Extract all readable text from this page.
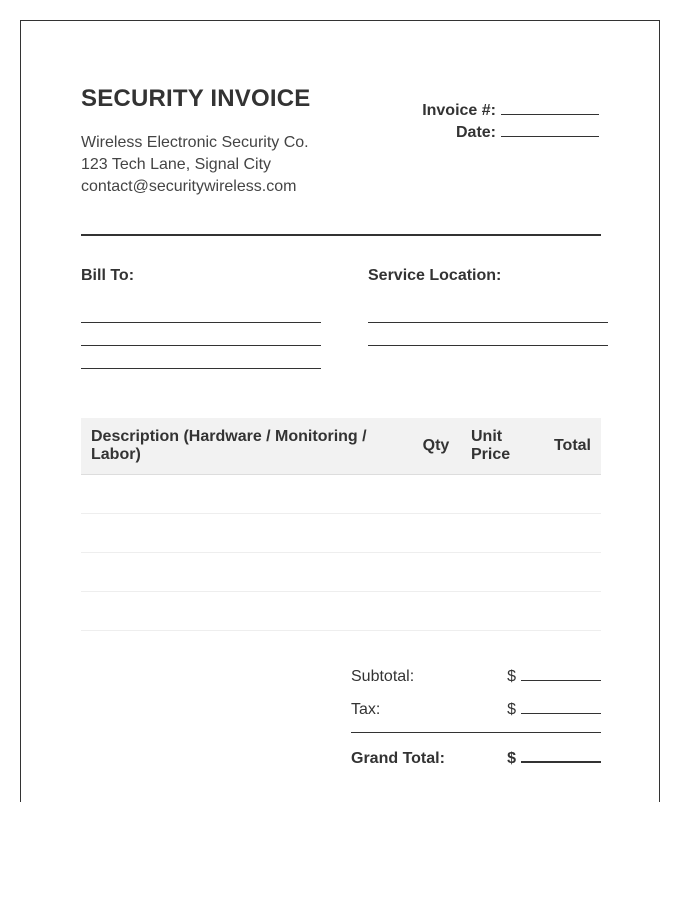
SECURITY INVOICE
Wireless Electronic Security Co.
123 Tech Lane, Signal City
contact@securitywireless.com
Invoice #:
Date:
Bill To:	Service Location:
Description (Hardware / Monitoring / Labor)	Qty	Unit Price	Total

Subtotal:	$
Tax:	$
Grand Total:	$
